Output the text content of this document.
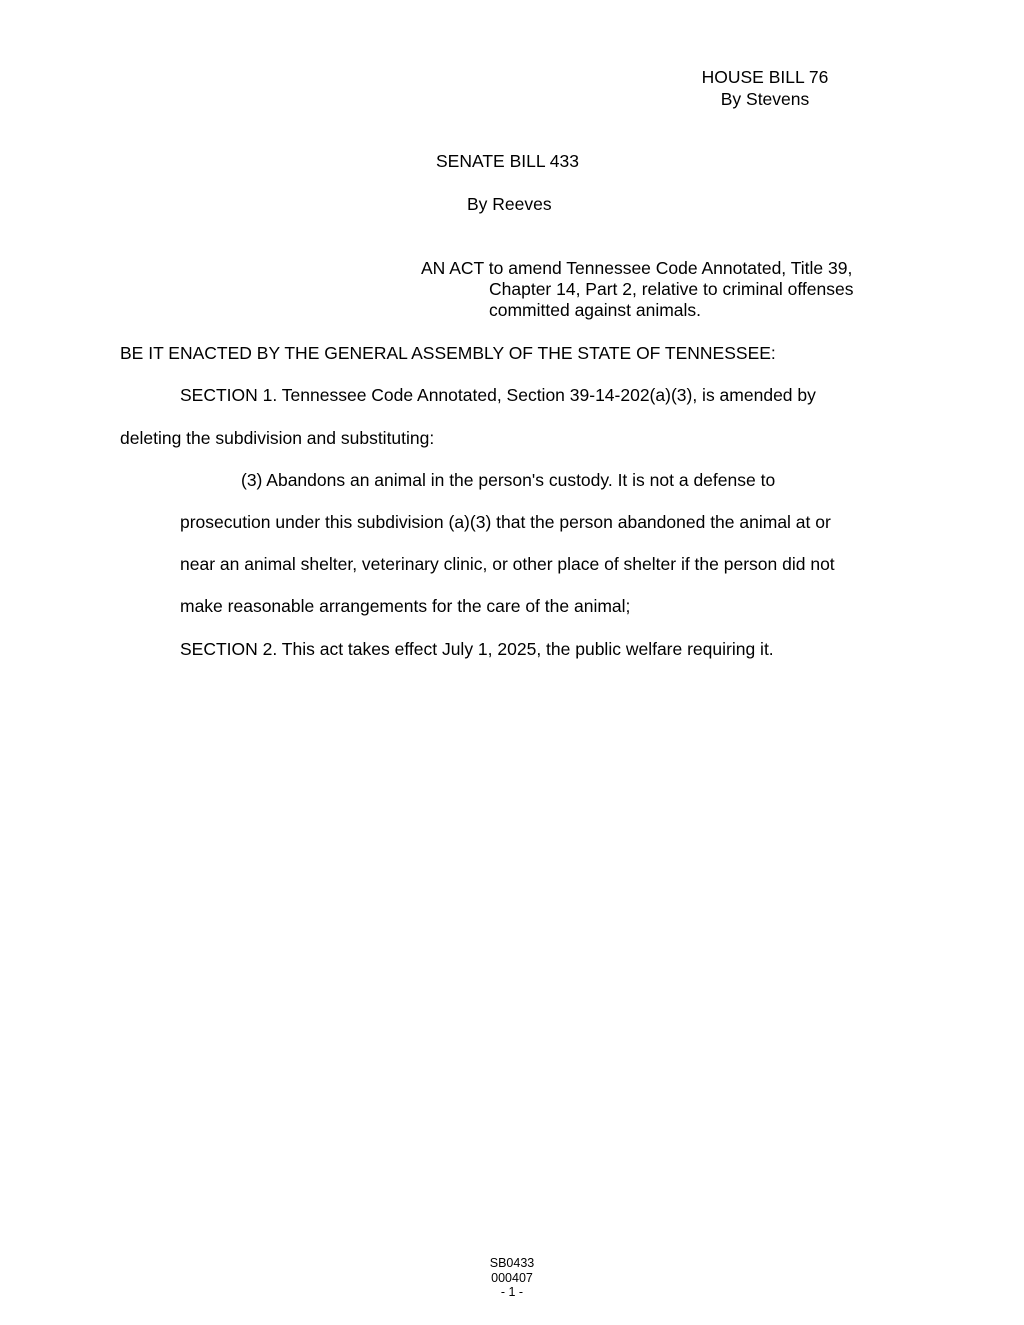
HOUSE BILL 76
By Stevens
SENATE BILL 433
By Reeves
AN ACT to amend Tennessee Code Annotated, Title 39,
Chapter 14, Part 2, relative to criminal offenses
committed against animals.
BE IT ENACTED BY THE GENERAL ASSEMBLY OF THE STATE OF TENNESSEE:
SECTION 1. Tennessee Code Annotated, Section 39-14-202(a)(3), is amended by
deleting the subdivision and substituting:
(3) Abandons an animal in the person's custody. It is not a defense to
prosecution under this subdivision (a)(3) that the person abandoned the animal at or
near an animal shelter, veterinary clinic, or other place of shelter if the person did not
make reasonable arrangements for the care of the animal;
SECTION 2. This act takes effect July 1, 2025, the public welfare requiring it.
SB0433
000407
- 1 -
